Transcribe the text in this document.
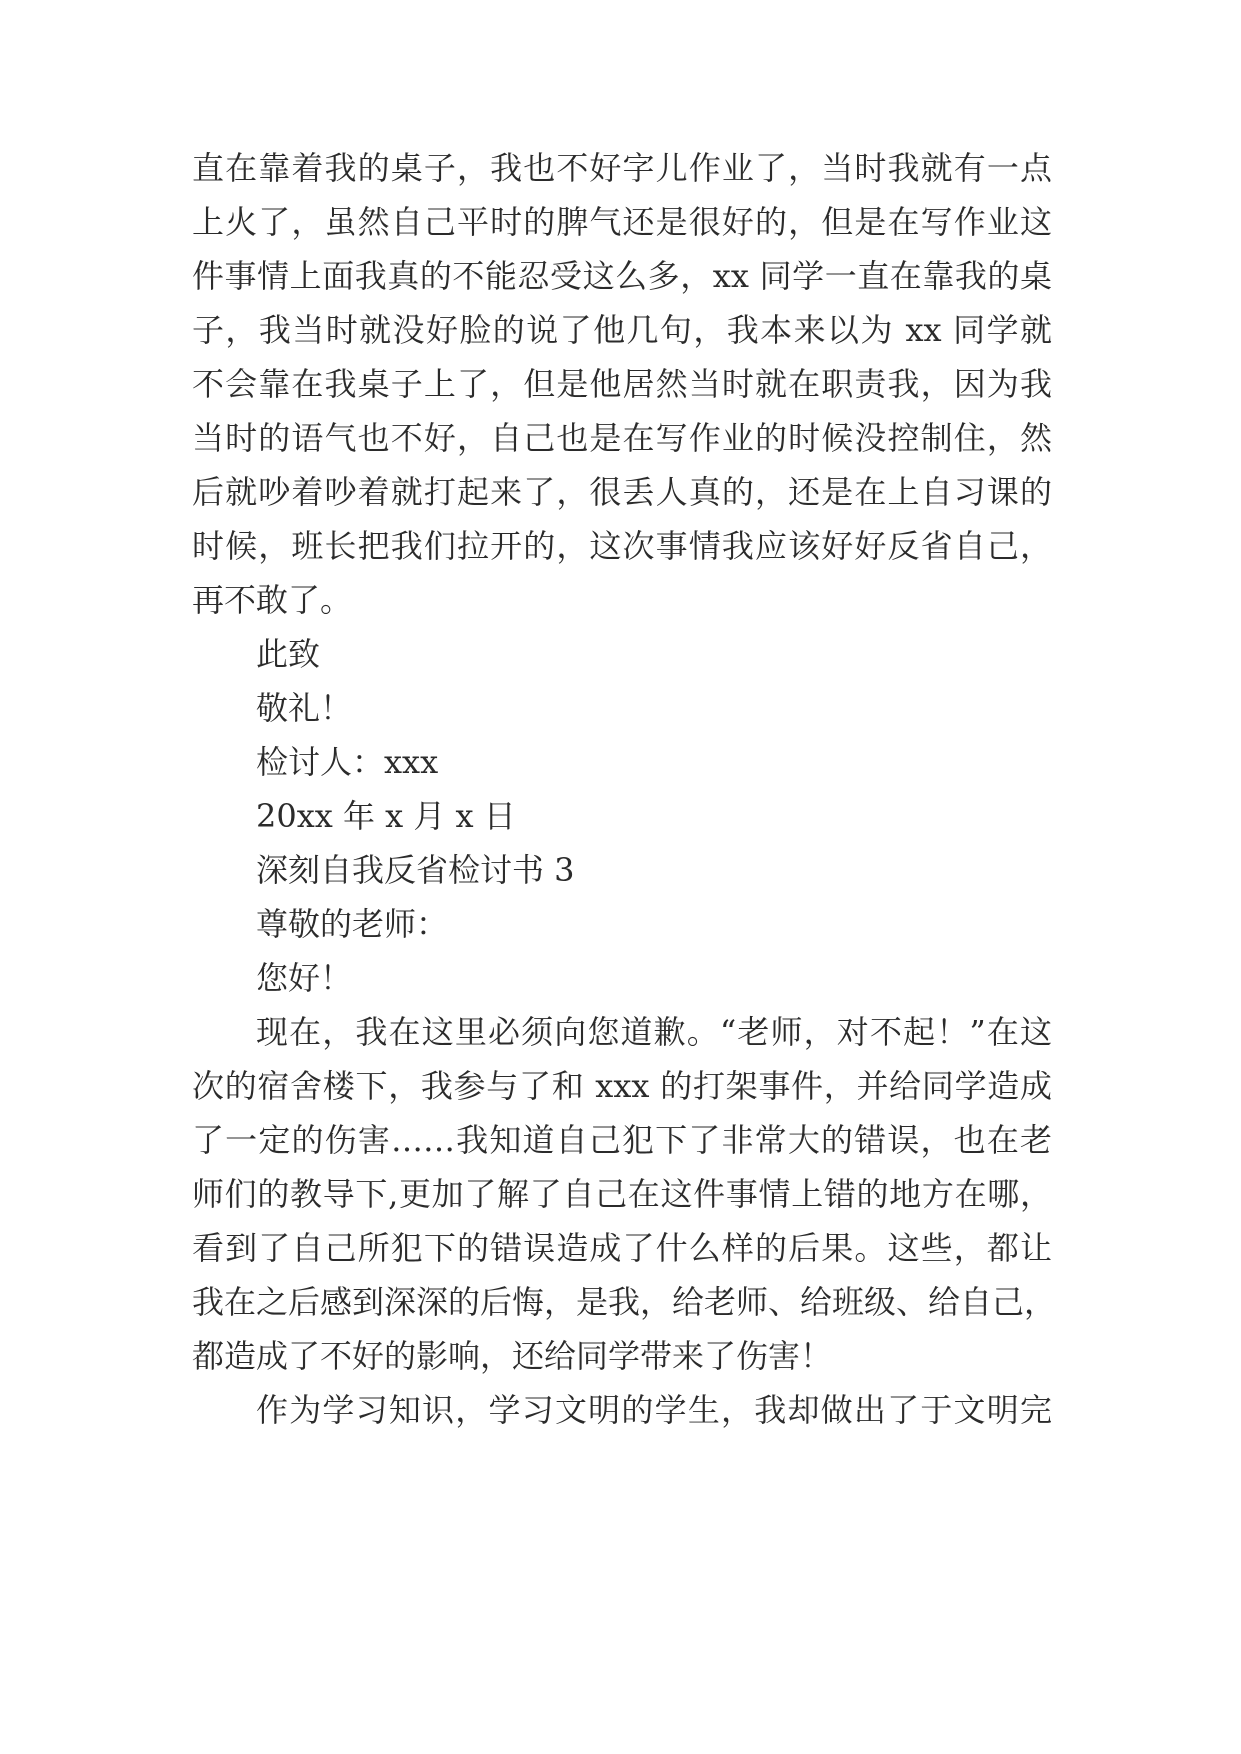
直在靠着我的桌子，我也不好字儿作业了，当时我就有一点
上火了，虽然自己平时的脾气还是很好的，但是在写作业这
件事情上面我真的不能忍受这么多，xx 同学一直在靠我的桌
子，我当时就没好脸的说了他几句，我本来以为 xx 同学就
不会靠在我桌子上了，但是他居然当时就在职责我，因为我
当时的语气也不好，自己也是在写作业的时候没控制住，然
后就吵着吵着就打起来了，很丢人真的，还是在上自习课的
时候，班长把我们拉开的，这次事情我应该好好反省自己，
再不敢了。
此致
敬礼！
检讨人：xxx
20xx 年 x 月 x 日
深刻自我反省检讨书 3
尊敬的老师：
您好！
现在，我在这里必须向您道歉。“老师，对不起！”在这
次的宿舍楼下，我参与了和 xxx 的打架事件，并给同学造成
了一定的伤害……我知道自己犯下了非常大的错误，也在老
师们的教导下,更加了解了自己在这件事情上错的地方在哪，
看到了自己所犯下的错误造成了什么样的后果。这些，都让
我在之后感到深深的后悔，是我，给老师、给班级、给自己，
都造成了不好的影响，还给同学带来了伤害！
作为学习知识，学习文明的学生，我却做出了于文明完
